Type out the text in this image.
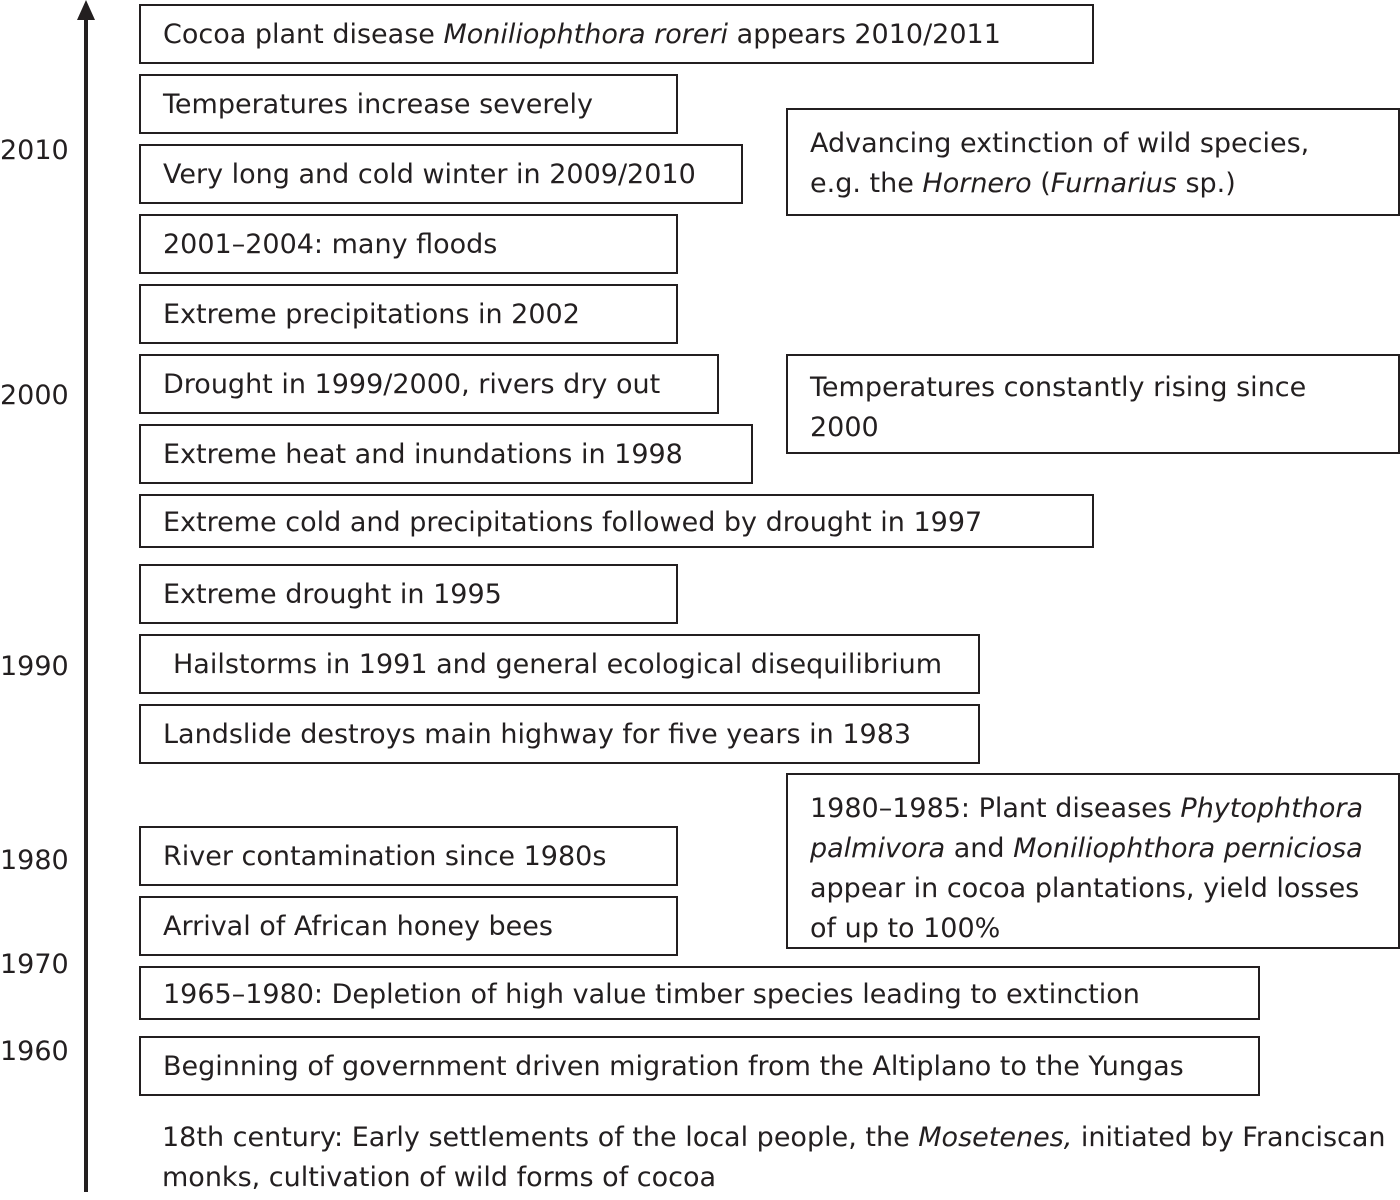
2010
2000
1990
1980
1970
1960
Cocoa plant disease Moniliophthora roreri appears 2010/2011
Temperatures increase severely
Very long and cold winter in 2009/2010
2001–2004: many floods
Extreme precipitations in 2002
Drought in 1999/2000, rivers dry out
Extreme heat and inundations in 1998
Extreme cold and precipitations followed by drought in 1997
Extreme drought in 1995
Hailstorms in 1991 and general ecological disequilibrium
Landslide destroys main highway for five years in 1983
River contamination since 1980s
Arrival of African honey bees
1965–1980: Depletion of high value timber species leading to extinction
Beginning of government driven migration from the Altiplano to the Yungas
Advancing extinction of wild species,
e.g. the Hornero (Furnarius sp.)
Temperatures constantly rising since
2000
1980–1985: Plant diseases Phytophthora
palmivora and Moniliophthora perniciosa
appear in cocoa plantations, yield losses
of up to 100%
18th century: Early settlements of the local people, the Mosetenes, initiated by Franciscan
monks, cultivation of wild forms of cocoa
